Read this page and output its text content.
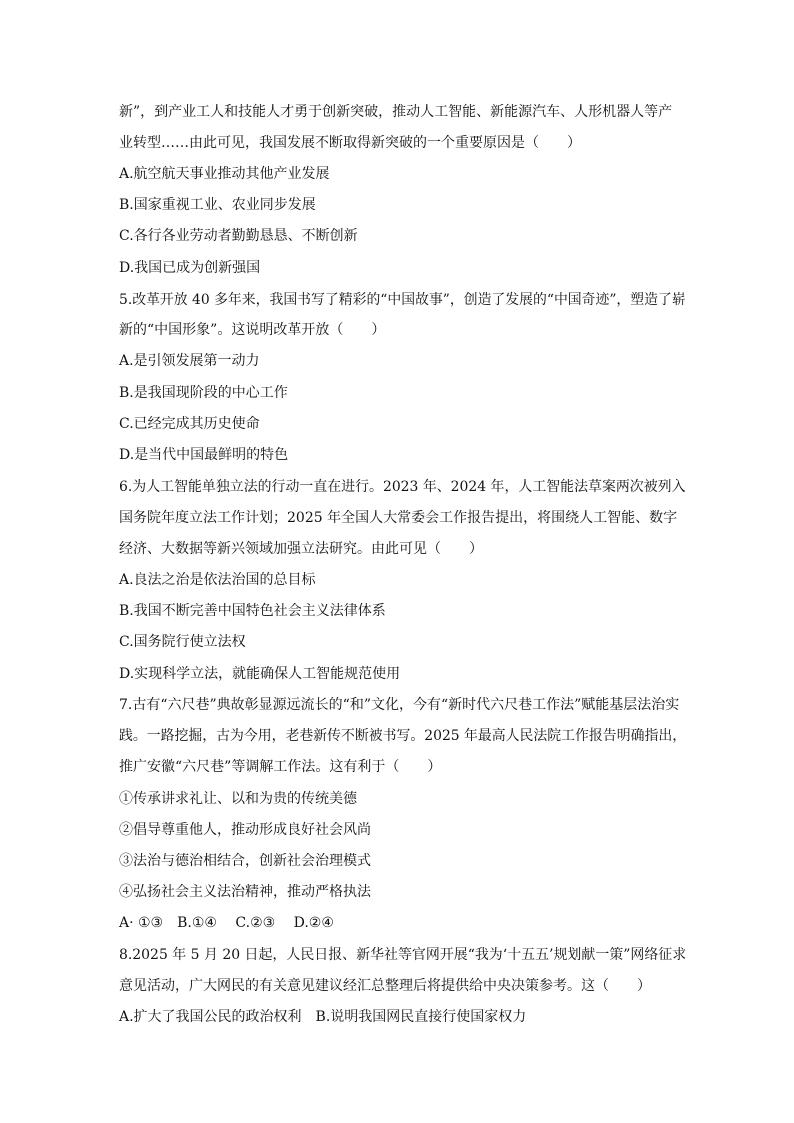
新”，到产业工人和技能人才勇于创新突破，推动人工智能、新能源汽车、人形机器人等产
业转型……由此可见，我国发展不断取得新突破的一个重要原因是（　　）
A.航空航天事业推动其他产业发展
B.国家重视工业、农业同步发展
C.各行各业劳动者勤勤恳恳、不断创新
D.我国已成为创新强国
5.改革开放 40 多年来，我国书写了精彩的“中国故事”，创造了发展的“中国奇迹”，塑造了崭
新的“中国形象”。这说明改革开放（　　）
A.是引领发展第一动力
B.是我国现阶段的中心工作
C.已经完成其历史使命
D.是当代中国最鲜明的特色
6.为人工智能单独立法的行动一直在进行。2023 年、2024 年，人工智能法草案两次被列入
国务院年度立法工作计划；2025 年全国人大常委会工作报告提出，将围绕人工智能、数字
经济、大数据等新兴领域加强立法研究。由此可见（　　）
A.良法之治是依法治国的总目标
B.我国不断完善中国特色社会主义法律体系
C.国务院行使立法权
D.实现科学立法，就能确保人工智能规范使用
7.古有“六尺巷”典故彰显源远流长的“和”文化，今有“新时代六尺巷工作法”赋能基层法治实
践。一路挖掘，古为今用，老巷新传不断被书写。2025 年最高人民法院工作报告明确指出，
推广安徽“六尺巷”等调解工作法。这有利于（　　）
①传承讲求礼让、以和为贵的传统美德
②倡导尊重他人，推动形成良好社会风尚
③法治与德治相结合，创新社会治理模式
④弘扬社会主义法治精神，推动严格执法
A· ①③　B.①④　 C.②③　 D.②④
8.2025 年 5 月 20 日起，人民日报、新华社等官网开展“我为‘十五五’规划献一策”网络征求
意见活动，广大网民的有关意见建议经汇总整理后将提供给中央决策参考。这（　　）
A.扩大了我国公民的政治权利　B.说明我国网民直接行使国家权力
